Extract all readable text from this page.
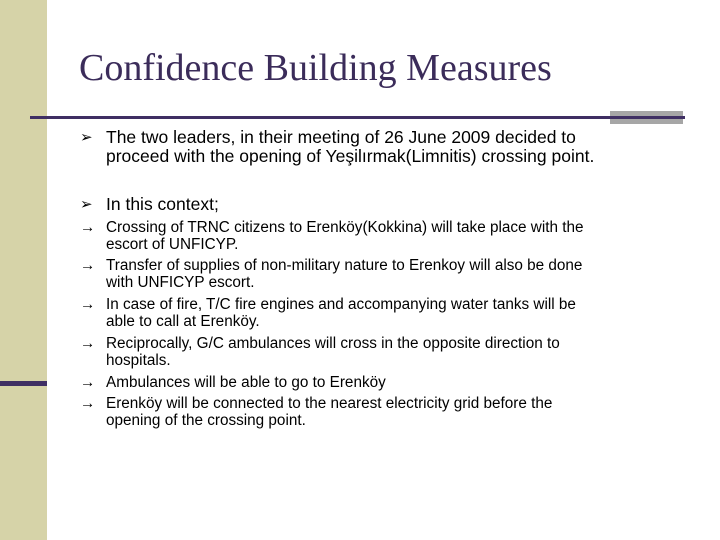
Confidence Building Measures
➢ The two leaders, in their meeting of 26 June 2009 decided to
proceed with the opening of Yeşilırmak(Limnitis) crossing point.
➢ In this context;
→ Crossing of TRNC citizens to Erenköy(Kokkina) will take place with the
escort of UNFICYP.
→ Transfer of supplies of non-military nature to Erenkoy will also be done
with UNFICYP escort.
→ In case of fire, T/C fire engines and accompanying water tanks will be
able to call at Erenköy.
→ Reciprocally, G/C ambulances will cross in the opposite direction to
hospitals.
→ Ambulances will be able to go to Erenköy
→ Erenköy will be connected to the nearest electricity grid before the
opening of the crossing point.
